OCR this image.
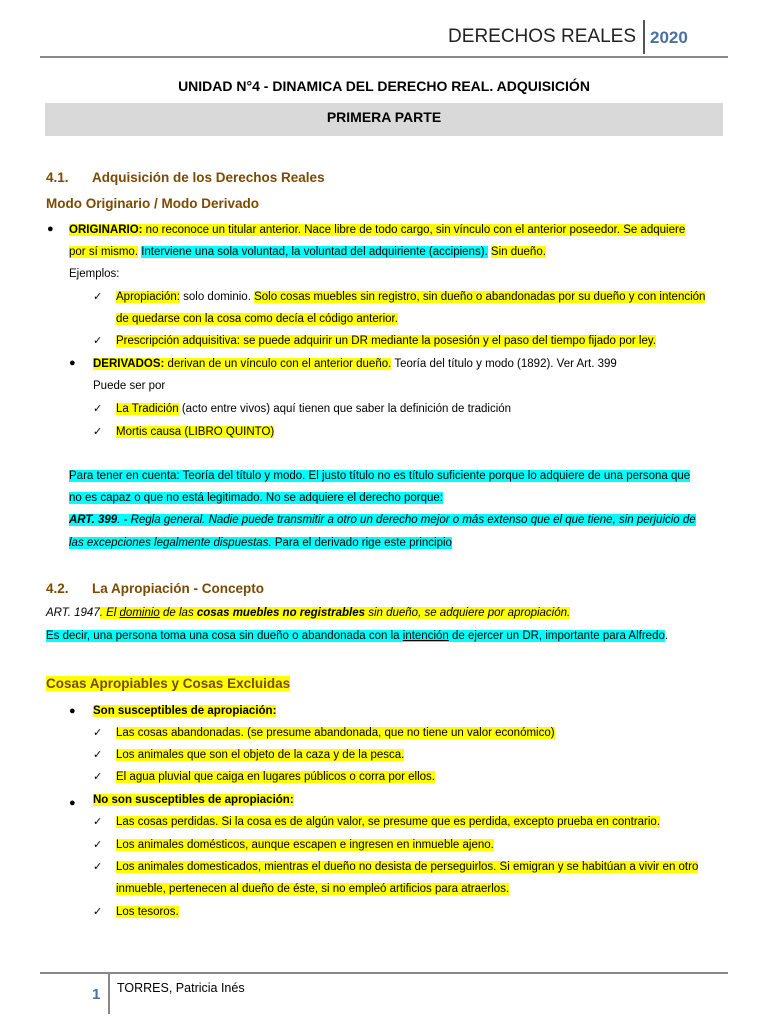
DERECHOS REALES 2020
UNIDAD N°4 - DINAMICA DEL DERECHO REAL. ADQUISICIÓN
PRIMERA PARTE
4.1. Adquisición de los Derechos Reales
Modo Originario / Modo Derivado
● ORIGINARIO: no reconoce un titular anterior. Nace libre de todo cargo, sin vínculo con el anterior poseedor. Se adquiere
por sí mismo. Interviene una sola voluntad, la voluntad del adquiriente (accipiens). Sin dueño.
Ejemplos:
✓ Apropiación: solo dominio. Solo cosas muebles sin registro, sin dueño o abandonadas por su dueño y con intención
de quedarse con la cosa como decía el código anterior.
✓ Prescripción adquisitiva: se puede adquirir un DR mediante la posesión y el paso del tiempo fijado por ley.
● DERIVADOS: derivan de un vínculo con el anterior dueño. Teoría del título y modo (1892). Ver Art. 399
Puede ser por
✓ La Tradición (acto entre vivos) aquí tienen que saber la definición de tradición
✓ Mortis causa (LIBRO QUINTO)
Para tener en cuenta: Teoría del título y modo. El justo título no es título suficiente porque lo adquiere de una persona que
no es capaz o que no está legitimado. No se adquiere el derecho porque:
ART. 399. - Regla general. Nadie puede transmitir a otro un derecho mejor o más extenso que el que tiene, sin perjuicio de
las excepciones legalmente dispuestas. Para el derivado rige este principio
4.2. La Apropiación - Concepto
ART. 1947. El dominio de las cosas muebles no registrables sin dueño, se adquiere por apropiación.
Es decir, una persona toma una cosa sin dueño o abandonada con la intención de ejercer un DR, importante para Alfredo.
Cosas Apropiables y Cosas Excluidas
● Son susceptibles de apropiación:
✓ Las cosas abandonadas. (se presume abandonada, que no tiene un valor económico)
✓ Los animales que son el objeto de la caza y de la pesca.
✓ El agua pluvial que caiga en lugares públicos o corra por ellos.
● No son susceptibles de apropiación:
✓ Las cosas perdidas. Si la cosa es de algún valor, se presume que es perdida, excepto prueba en contrario.
✓ Los animales domésticos, aunque escapen e ingresen en inmueble ajeno.
✓ Los animales domesticados, mientras el dueño no desista de perseguirlos. Si emigran y se habitúan a vivir en otro
inmueble, pertenecen al dueño de éste, si no empleó artificios para atraerlos.
✓ Los tesoros.
1 TORRES, Patricia Inés
